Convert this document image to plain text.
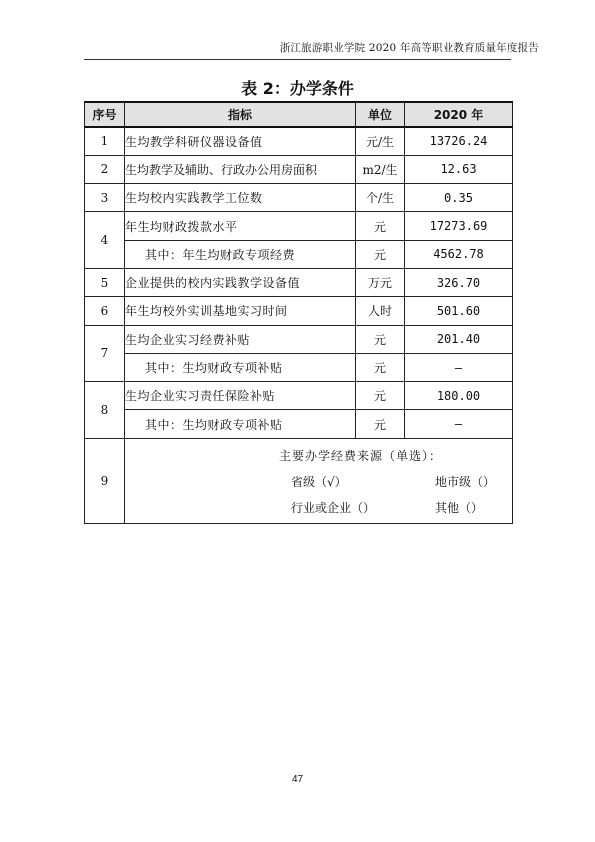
浙江旅游职业学院 2020 年高等职业教育质量年度报告
表 2：办学条件
序号	指标	单位	2020 年
1	生均教学科研仪器设备值	元/生	13726.24
2	生均教学及辅助、行政办公用房面积	m2/生	12.63
3	生均校内实践教学工位数	个/生	0.35
4	年生均财政拨款水平	元	17273.69
	其中：年生均财政专项经费	元	4562.78
5	企业提供的校内实践教学设备值	万元	326.70
6	年生均校外实训基地实习时间	人时	501.60
7	生均企业实习经费补贴	元	201.40
	其中：生均财政专项补贴	元	—
8	生均企业实习责任保险补贴	元	180.00
	其中：生均财政专项补贴	元	—
9	主要办学经费来源（单选）：
省级（√） 地市级（）
行业或企业（） 其他（）		
47
